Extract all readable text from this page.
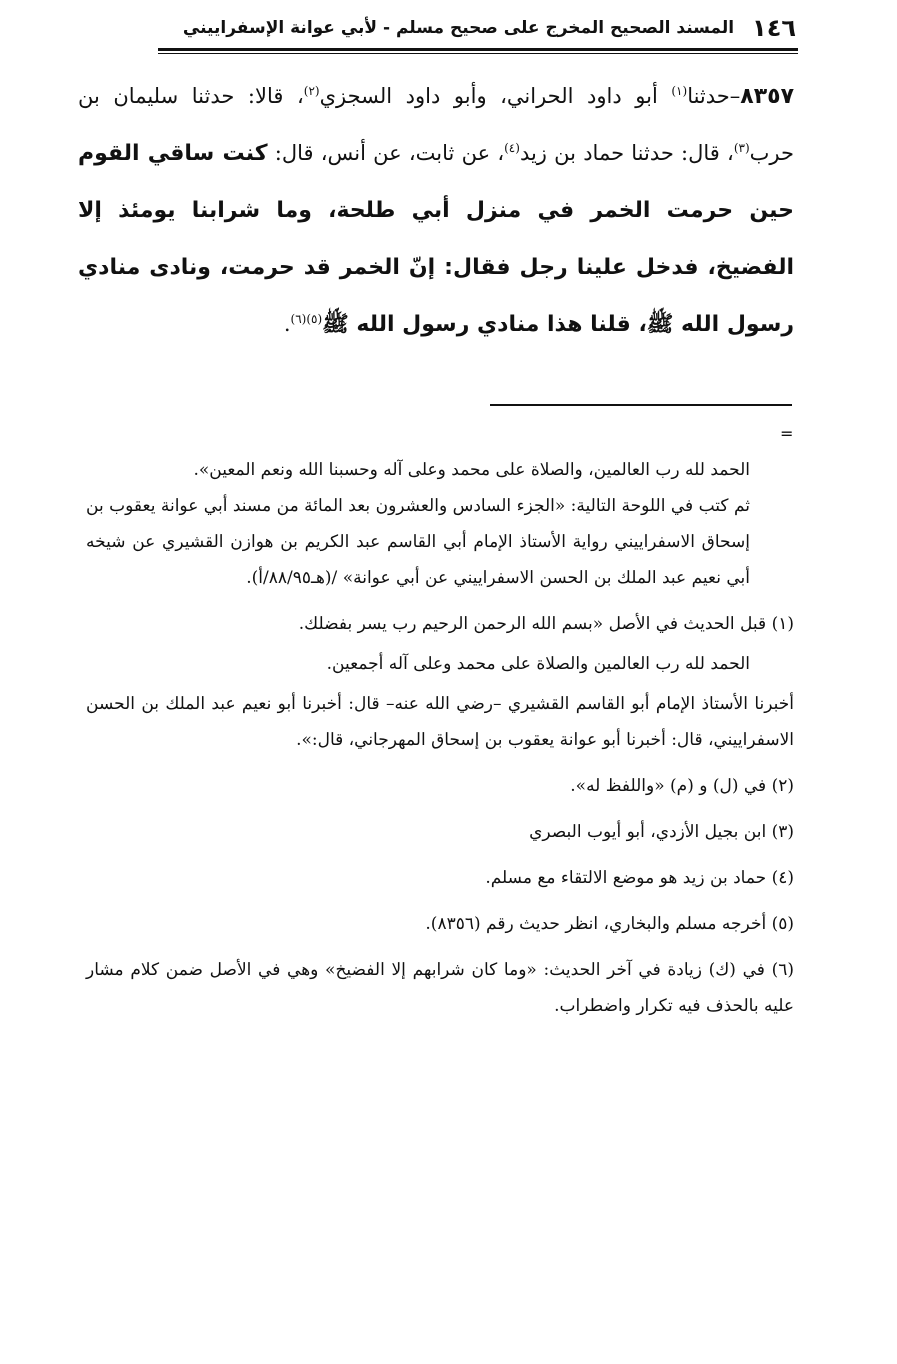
١٤٦
المسند الصحيح المخرج على صحيح مسلم - لأبي عوانة الإسفراييني
٨٣٥٧–حدثنا$^{(١)}$ أبو داود الحراني، وأبو داود السجزي$^{(٢)}$، قالا: حدثنا سليمان بن حرب$^{(٣)}$، قال: حدثنا حماد بن زيد$^{(٤)}$، عن ثابت، عن أنس، قال: كنت ساقي القوم حين حرمت الخمر في منزل أبي طلحة، وما شرابنا يومئذ إلا الفضيخ، فدخل علينا رجل فقال: إنّ الخمر قد حرمت، ونادى منادي رسول الله ﷺ، قلنا هذا منادي رسول الله ﷺ$^{(٥)(٦)}$.
=

الحمد لله رب العالمين، والصلاة على محمد وعلى آله وحسبنا الله ونعم المعين».

ثم كتب في اللوحة التالية: «الجزء السادس والعشرون بعد المائة من مسند أبي عوانة يعقوب بن إسحاق الاسفراييني رواية الأستاذ الإمام أبي القاسم عبد الكريم بن هوازن القشيري عن شيخه أبي نعيم عبد الملك بن الحسن الاسفراييني عن أبي عوانة» /(هـ٨٨/٩٥/أ).

(١) قبل الحديث في الأصل «بسم الله الرحمن الرحيم رب يسر بفضلك.

الحمد لله رب العالمين والصلاة على محمد وعلى آله أجمعين.

أخبرنا الأستاذ الإمام أبو القاسم القشيري –رضي الله عنه– قال: أخبرنا أبو نعيم عبد الملك بن الحسن الاسفراييني، قال: أخبرنا أبو عوانة يعقوب بن إسحاق المهرجاني، قال:».

(٢) في (ل) و (م) «واللفظ له».

(٣) ابن بجيل الأزدي، أبو أيوب البصري

(٤) حماد بن زيد هو موضع الالتقاء مع مسلم.

(٥) أخرجه مسلم والبخاري، انظر حديث رقم (٨٣٥٦).

(٦) في (ك) زيادة في آخر الحديث: «وما كان شرابهم إلا الفضيخ» وهي في الأصل ضمن كلام مشار عليه بالحذف فيه تكرار واضطراب.
